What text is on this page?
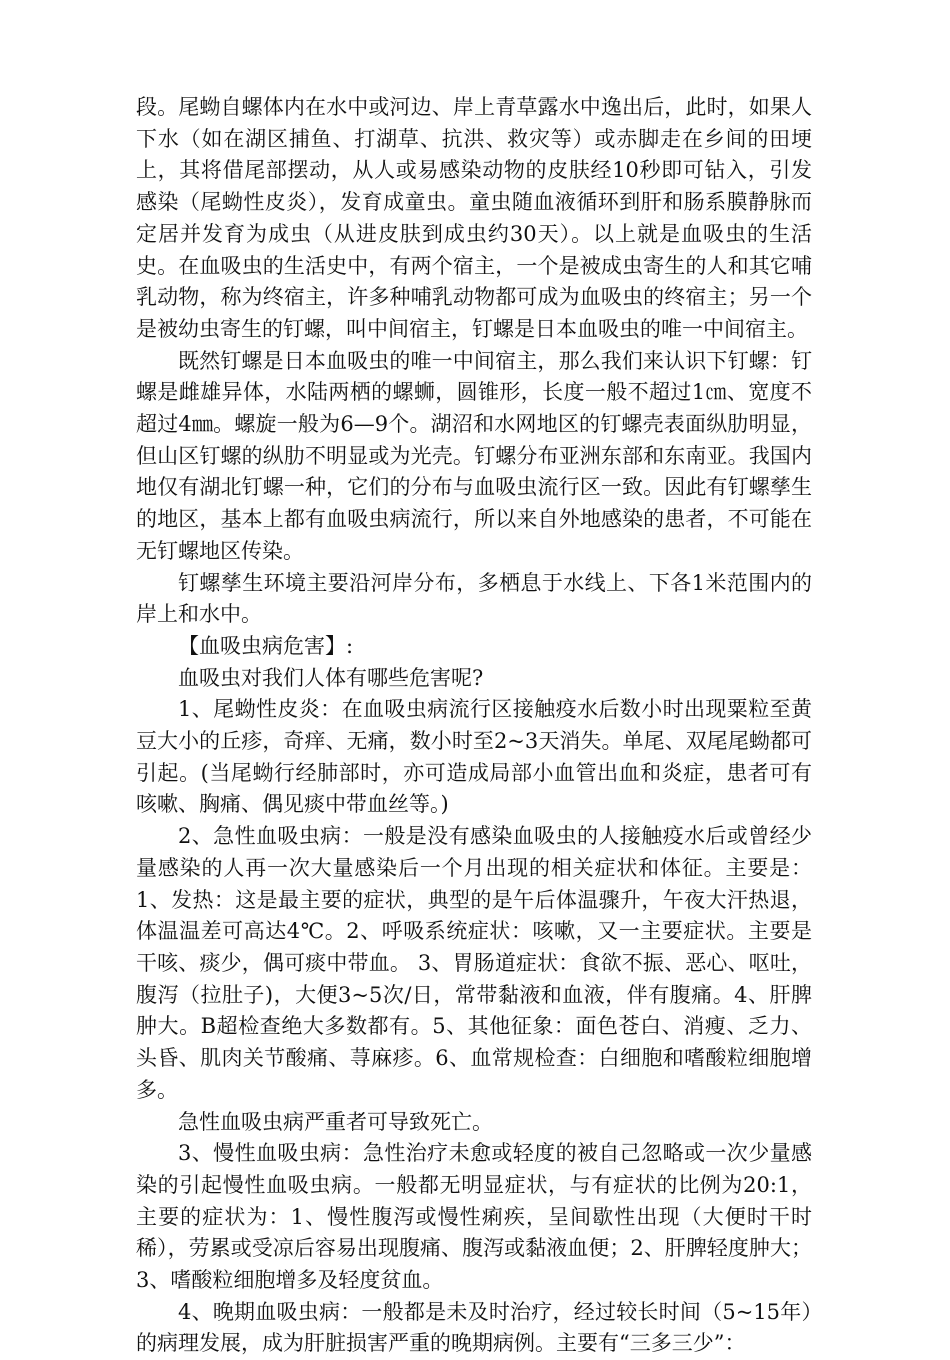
段。尾蚴自螺体内在水中或河边、岸上青草露水中逸出后，此时，如果人下水（如在湖区捕鱼、打湖草、抗洪、救灾等）或赤脚走在乡间的田埂上，其将借尾部摆动，从人或易感染动物的皮肤经10秒即可钻入，引发感染（尾蚴性皮炎），发育成童虫。童虫随血液循环到肝和肠系膜静脉而定居并发育为成虫（从进皮肤到成虫约30天）。以上就是血吸虫的生活史。在血吸虫的生活史中，有两个宿主，一个是被成虫寄生的人和其它哺乳动物，称为终宿主，许多种哺乳动物都可成为血吸虫的终宿主；另一个是被幼虫寄生的钉螺，叫中间宿主，钉螺是日本血吸虫的唯一中间宿主。

既然钉螺是日本血吸虫的唯一中间宿主，那么我们来认识下钉螺：钉螺是雌雄异体，水陆两栖的螺蛳，圆锥形，长度一般不超过1㎝、宽度不超过4㎜。螺旋一般为6—9个。湖沼和水网地区的钉螺壳表面纵肋明显，但山区钉螺的纵肋不明显或为光壳。钉螺分布亚洲东部和东南亚。我国内地仅有湖北钉螺一种，它们的分布与血吸虫流行区一致。因此有钉螺孳生的地区，基本上都有血吸虫病流行，所以来自外地感染的患者，不可能在无钉螺地区传染。

钉螺孳生环境主要沿河岸分布，多栖息于水线上、下各1米范围内的岸上和水中。

【血吸虫病危害】:

血吸虫对我们人体有哪些危害呢?

1、尾蚴性皮炎：在血吸虫病流行区接触疫水后数小时出现粟粒至黄豆大小的丘疹，奇痒、无痛，数小时至2~3天消失。单尾、双尾尾蚴都可引起。(当尾蚴行经肺部时，亦可造成局部小血管出血和炎症，患者可有咳嗽、胸痛、偶见痰中带血丝等。)

2、急性血吸虫病：一般是没有感染血吸虫的人接触疫水后或曾经少量感染的人再一次大量感染后一个月出现的相关症状和体征。主要是：1、发热：这是最主要的症状，典型的是午后体温骤升，午夜大汗热退，体温温差可高达4℃。2、呼吸系统症状：咳嗽，又一主要症状。主要是干咳、痰少，偶可痰中带血。 3、胃肠道症状：食欲不振、恶心、呕吐，腹泻（拉肚子)，大便3~5次/日，常带黏液和血液，伴有腹痛。4、肝脾肿大。B超检查绝大多数都有。5、其他征象：面色苍白、消瘦、乏力、头昏、肌肉关节酸痛、荨麻疹。6、血常规检查：白细胞和嗜酸粒细胞增多。

急性血吸虫病严重者可导致死亡。

3、慢性血吸虫病：急性治疗未愈或轻度的被自己忽略或一次少量感染的引起慢性血吸虫病。一般都无明显症状，与有症状的比例为20:1，主要的症状为：1、慢性腹泻或慢性痢疾，呈间歇性出现（大便时干时稀），劳累或受凉后容易出现腹痛、腹泻或黏液血便；2、肝脾轻度肿大；3、嗜酸粒细胞增多及轻度贫血。

4、晚期血吸虫病：一般都是未及时治疗，经过较长时间（5~15年）的病理发展，成为肝脏损害严重的晚期病例。主要有“三多三少”：
